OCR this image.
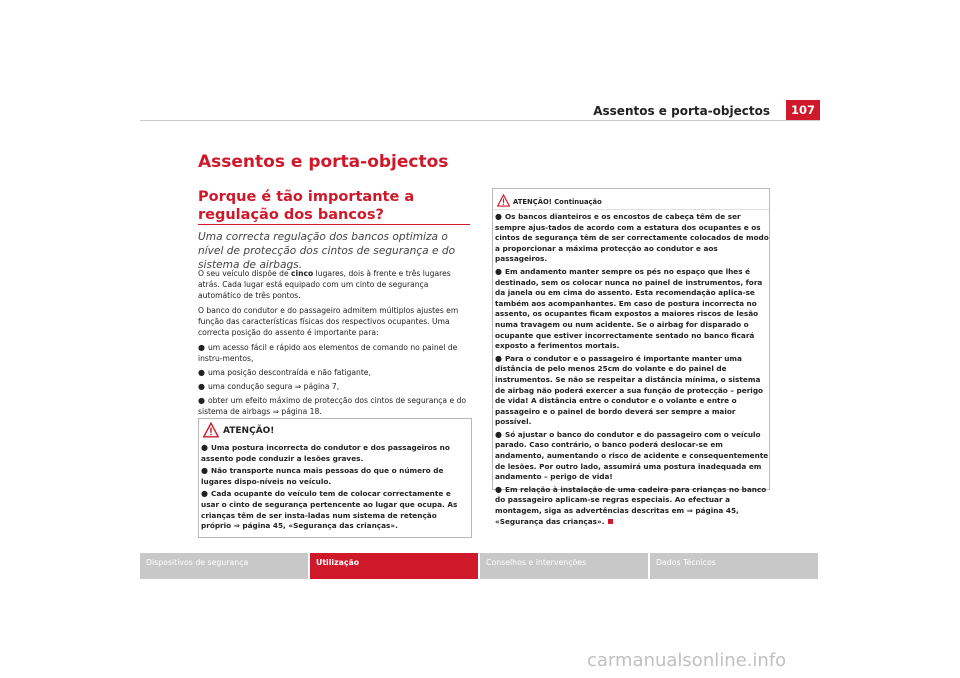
Assentos e porta-objectos	107
Assentos e porta-objectos
Porque é tão importante a regulação dos bancos?

Uma correcta regulação dos bancos optimiza o nível de protecção dos cintos de segurança e do sistema de airbags.

O seu veículo dispõe de cinco lugares, dois à frente e três lugares atrás. Cada lugar está equipado com um cinto de segurança automático de três pontos.

O banco do condutor e do passageiro admitem múltiplos ajustes em função das características físicas dos respectivos ocupantes. Uma correcta posição do assento é importante para:

● um acesso fácil e rápido aos elementos de comando no painel de instru-mentos,
● uma posição descontraída e não fatigante,
● uma condução segura ⇒ página 7,
● obter um efeito máximo de protecção dos cintos de segurança e do sistema de airbags ⇒ página 18.
ATENÇÃO!
● Uma postura incorrecta do condutor e dos passageiros no assento pode conduzir a lesões graves.
● Não transporte nunca mais pessoas do que o número de lugares dispo-níveis no veículo.
● Cada ocupante do veículo tem de colocar correctamente e usar o cinto de segurança pertencente ao lugar que ocupa. As crianças têm de ser insta-ladas num sistema de retenção próprio ⇒ página 45, «Segurança das crianças».
ATENÇÃO! Continuação
● Os bancos dianteiros e os encostos de cabeça têm de ser sempre ajus-tados de acordo com a estatura dos ocupantes e os cintos de segurança têm de ser correctamente colocados de modo a proporcionar a máxima protecção ao condutor e aos passageiros.
● Em andamento manter sempre os pés no espaço que lhes é destinado, sem os colocar nunca no painel de instrumentos, fora da janela ou em cima do assento. Esta recomendação aplica-se também aos acompanhantes. Em caso de postura incorrecta no assento, os ocupantes ficam expostos a maiores riscos de lesão numa travagem ou num acidente. Se o airbag for disparado o ocupante que estiver incorrectamente sentado no banco ficará exposto a ferimentos mortais.
● Para o condutor e o passageiro é importante manter uma distância de pelo menos 25cm do volante e do painel de instrumentos. Se não se respeitar a distância mínima, o sistema de airbag não poderá exercer a sua função de protecção – perigo de vida! A distância entre o condutor e o volante e entre o passageiro e o painel de bordo deverá ser sempre a maior possível.
● Só ajustar o banco do condutor e do passageiro com o veículo parado. Caso contrário, o banco poderá deslocar-se em andamento, aumentando o risco de acidente e consequentemente de lesões. Por outro lado, assumirá uma postura inadequada em andamento – perigo de vida!
● Em relação à instalação de uma cadeira para crianças no banco do passageiro aplicam-se regras especiais. Ao efectuar a montagem, siga as advertências descritas em ⇒ página 45, «Segurança das crianças».
Dispositivos de segurança	Utilização	Conselhos e intervenções	Dados Técnicos
carmanualsonline.info
